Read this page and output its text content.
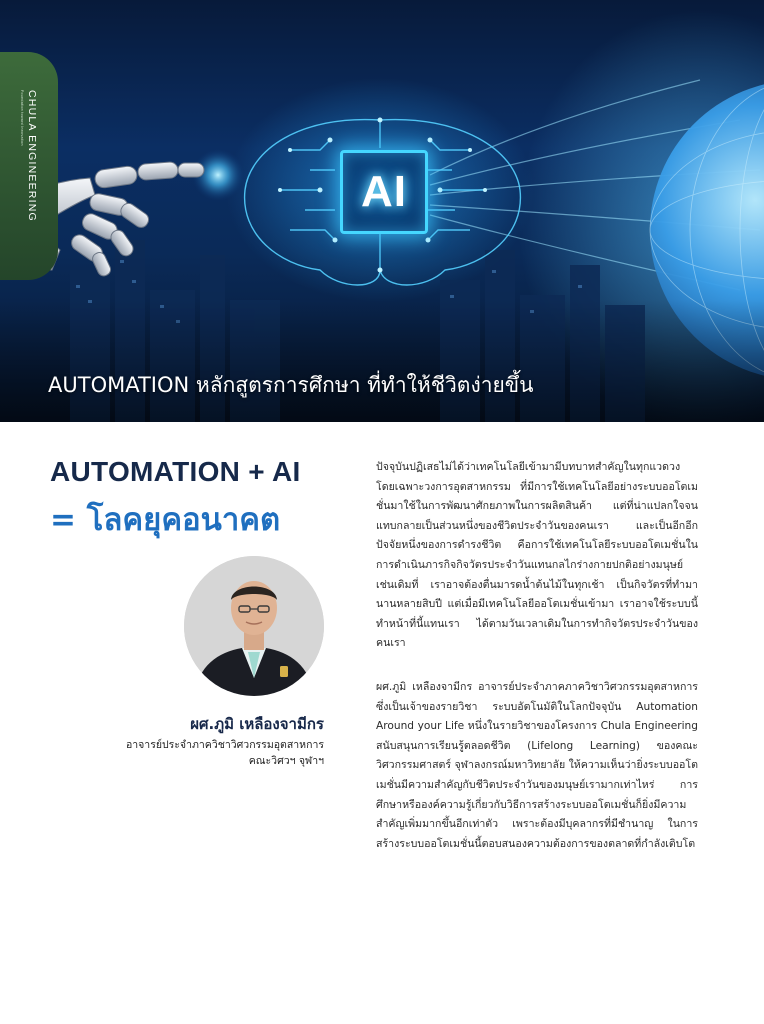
CHULA ENGINEERING
Foundation toward Innovation
AI
AUTOMATION หลักสูตรการศึกษา ที่ทำให้ชีวิตง่ายขึ้น
AUTOMATION + AI
= โลคยุคอนาคต
ผศ.ภูมิ เหลืองจามีกร
อาจารย์ประจำภาควิชาวิศวกรรมอุตสาหการ
คณะวิศวฯ จุฬาฯ

ปัจจุบันปฏิเสธไม่ได้ว่าเทคโนโลยีเข้ามามีบทบาทสำคัญในทุกแวดวง โดยเฉพาะวงการอุตสาหกรรม ที่มีการใช้เทคโนโลยีอย่างระบบออโตเมชั่นมาใช้ในการพัฒนาศักยภาพในการผลิตสินค้า แต่ที่น่าแปลกใจจนแทบกลายเป็นส่วนหนึ่งของชีวิตประจำวันของคนเรา และเป็นอีกอีกปัจจัยหนึ่งของการดำรงชีวิต คือการใช้เทคโนโลยีระบบออโตเมชั่นในการดำเนินภารกิจกิจวัตรประจำวันแทนกลไกร่างกายปกติอย่างมนุษย์ เช่นเดิมที่ เราอาจต้องตื่นมารดน้ำต้นไม้ในทุกเช้า เป็นกิจวัตรที่ทำมานานหลายสิบปี แต่เมื่อมีเทคโนโลยีออโตเมชั่นเข้ามา เราอาจใช้ระบบนี้ทำหน้าที่นี้แทนเรา ได้ตามวันเวลาเดิมในการทำกิจวัตรประจำวันของคนเรา

ผศ.ภูมิ เหลืองจามีกร อาจารย์ประจำภาคภาควิชาวิศวกรรมอุตสาหการ ซึ่งเป็นเจ้าของรายวิชา ระบบอัตโนมัติในโลกปัจจุบัน Automation Around your Life หนึ่งในรายวิชาของโครงการ Chula Engineering สนับสนุนการเรียนรู้ตลอดชีวิต (Lifelong Learning) ของคณะวิศวกรรมศาสตร์ จุฬาลงกรณ์มหาวิทยาลัย ให้ความเห็นว่ายิ่งระบบออโตเมชั่นมีความสำคัญกับชีวิตประจำวันของมนุษย์เรามากเท่าไหร่ การศึกษาหรือองค์ความรู้เกี่ยวกับวิธีการสร้างระบบออโตเมชั่นก็ยิ่งมีความสำคัญเพิ่มมากขึ้นอีกเท่าตัว เพราะต้องมีบุคลากรที่มีชำนาญ ในการสร้างระบบออโตเมชั่นนี้ตอบสนองความต้องการของตลาดที่กำลังเติบโต
